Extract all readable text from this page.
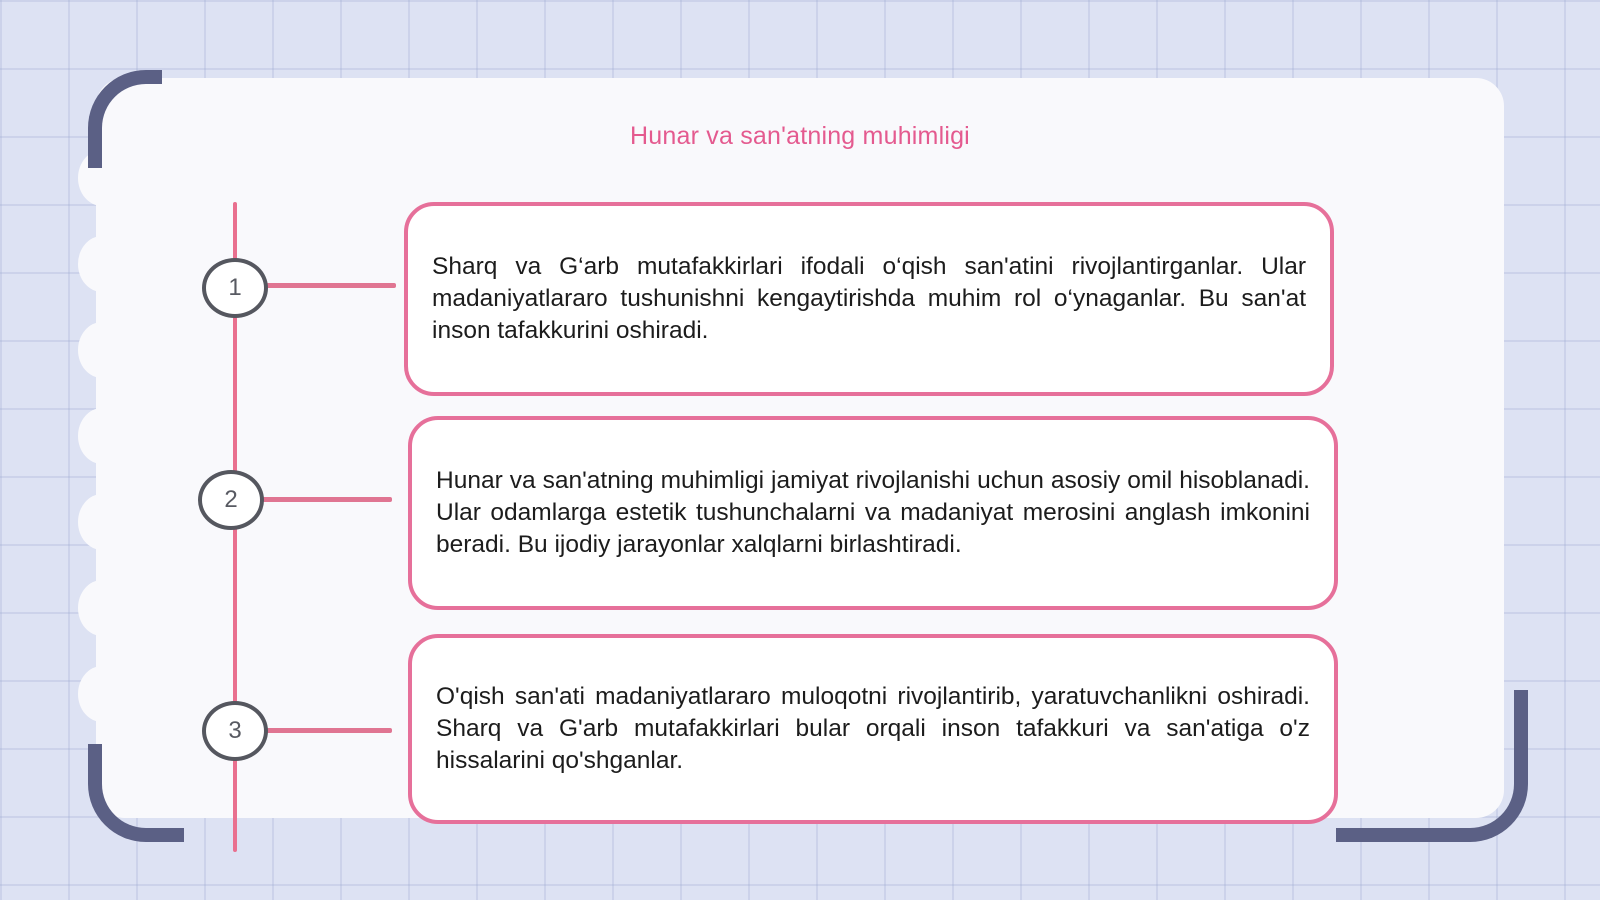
Hunar va san'atning muhimligi
1
2
3

Sharq va G‘arb mutafakkirlari ifodali o‘qish san'atini rivojlantirganlar. Ular madaniyatlararo tushunishni kengaytirishda muhim rol o‘ynaganlar. Bu san'at inson tafakkurini oshiradi.

Hunar va san'atning muhimligi jamiyat rivojlanishi uchun asosiy omil hisoblanadi. Ular odamlarga estetik tushunchalarni va madaniyat merosini anglash imkonini beradi. Bu ijodiy jarayonlar xalqlarni birlashtiradi.

O'qish san'ati madaniyatlararo muloqotni rivojlantirib, yaratuvchanlikni oshiradi. Sharq va G'arb mutafakkirlari bular orqali inson tafakkuri va san'atiga o'z hissalarini qo'shganlar.
